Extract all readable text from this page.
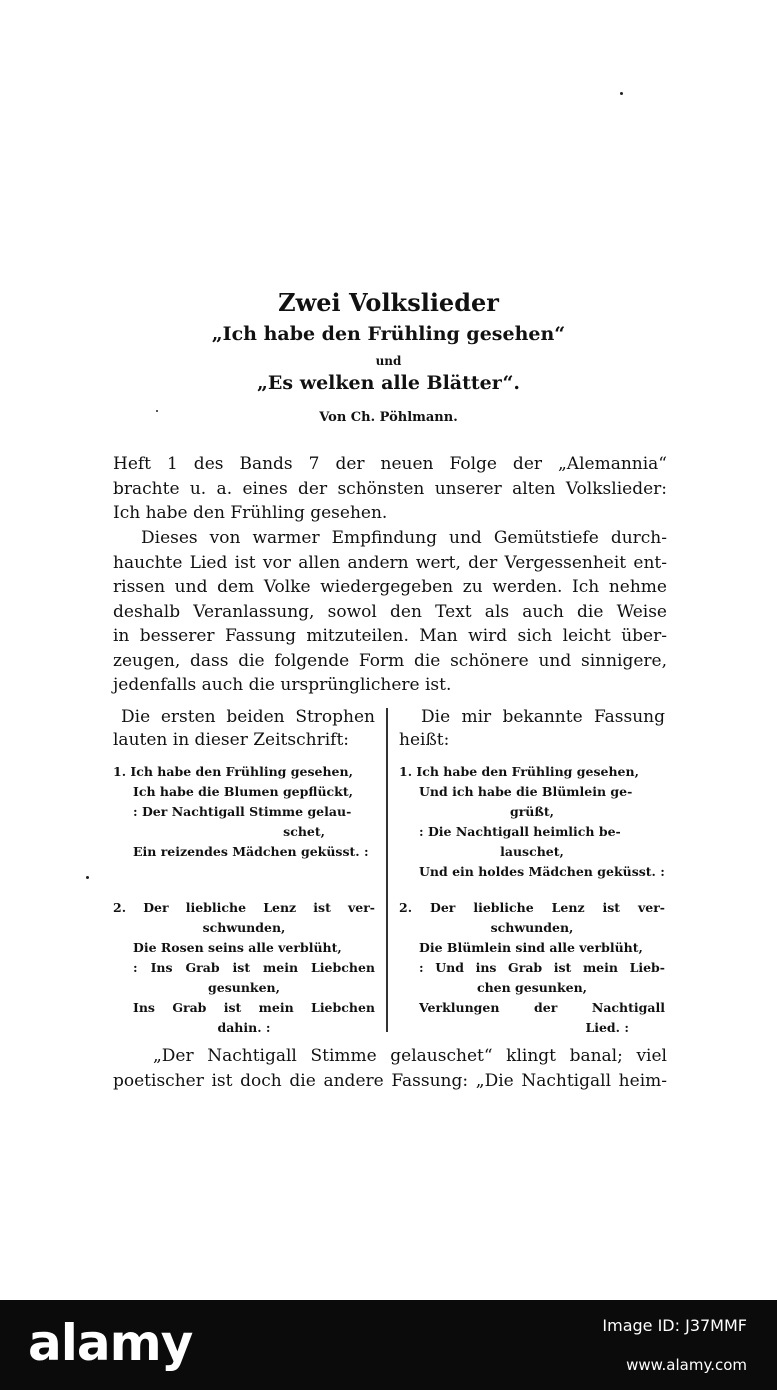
Zwei Volkslieder
„Ich habe den Frühling gesehen“
und
„Es welken alle Blätter“.
Von Ch. Pöhlmann.
Heft 1 des Bands 7 der neuen Folge der „Alemannia“
brachte u. a. eines der schönsten unserer alten Volkslieder:
Ich habe den Frühling gesehen.
Dieses von warmer Empfindung und Gemütstiefe durch-
hauchte Lied ist vor allen andern wert, der Vergessenheit ent-
rissen und dem Volke wiedergegeben zu werden. Ich nehme
deshalb Veranlassung, sowol den Text als auch die Weise
in besserer Fassung mitzuteilen. Man wird sich leicht über-
zeugen, dass die folgende Form die schönere und sinnigere,
jedenfalls auch die ursprünglichere ist.
Die ersten beiden Strophen
lauten in dieser Zeitschrift:
Die mir bekannte Fassung
heißt:
1. Ich habe den Frühling gesehen,
Ich habe die Blumen gepflückt,
: Der Nachtigall Stimme gelau-
schet,
Ein reizendes Mädchen geküsst. :
2. Der liebliche Lenz ist ver-
schwunden,
Die Rosen seins alle verblüht,
: Ins Grab ist mein Liebchen
gesunken,
Ins Grab ist mein Liebchen
dahin. :
1. Ich habe den Frühling gesehen,
Und ich habe die Blümlein ge-
grüßt,
: Die Nachtigall heimlich be-
lauschet,
Und ein holdes Mädchen geküsst. :
2. Der liebliche Lenz ist ver-
schwunden,
Die Blümlein sind alle verblüht,
: Und ins Grab ist mein Lieb-
chen gesunken,
Verklungen der Nachtigall
Lied. :
„Der Nachtigall Stimme gelauschet“ klingt banal; viel
poetischer ist doch die andere Fassung: „Die Nachtigall heim-
alamy	Image ID: J37MMF
www.alamy.com
